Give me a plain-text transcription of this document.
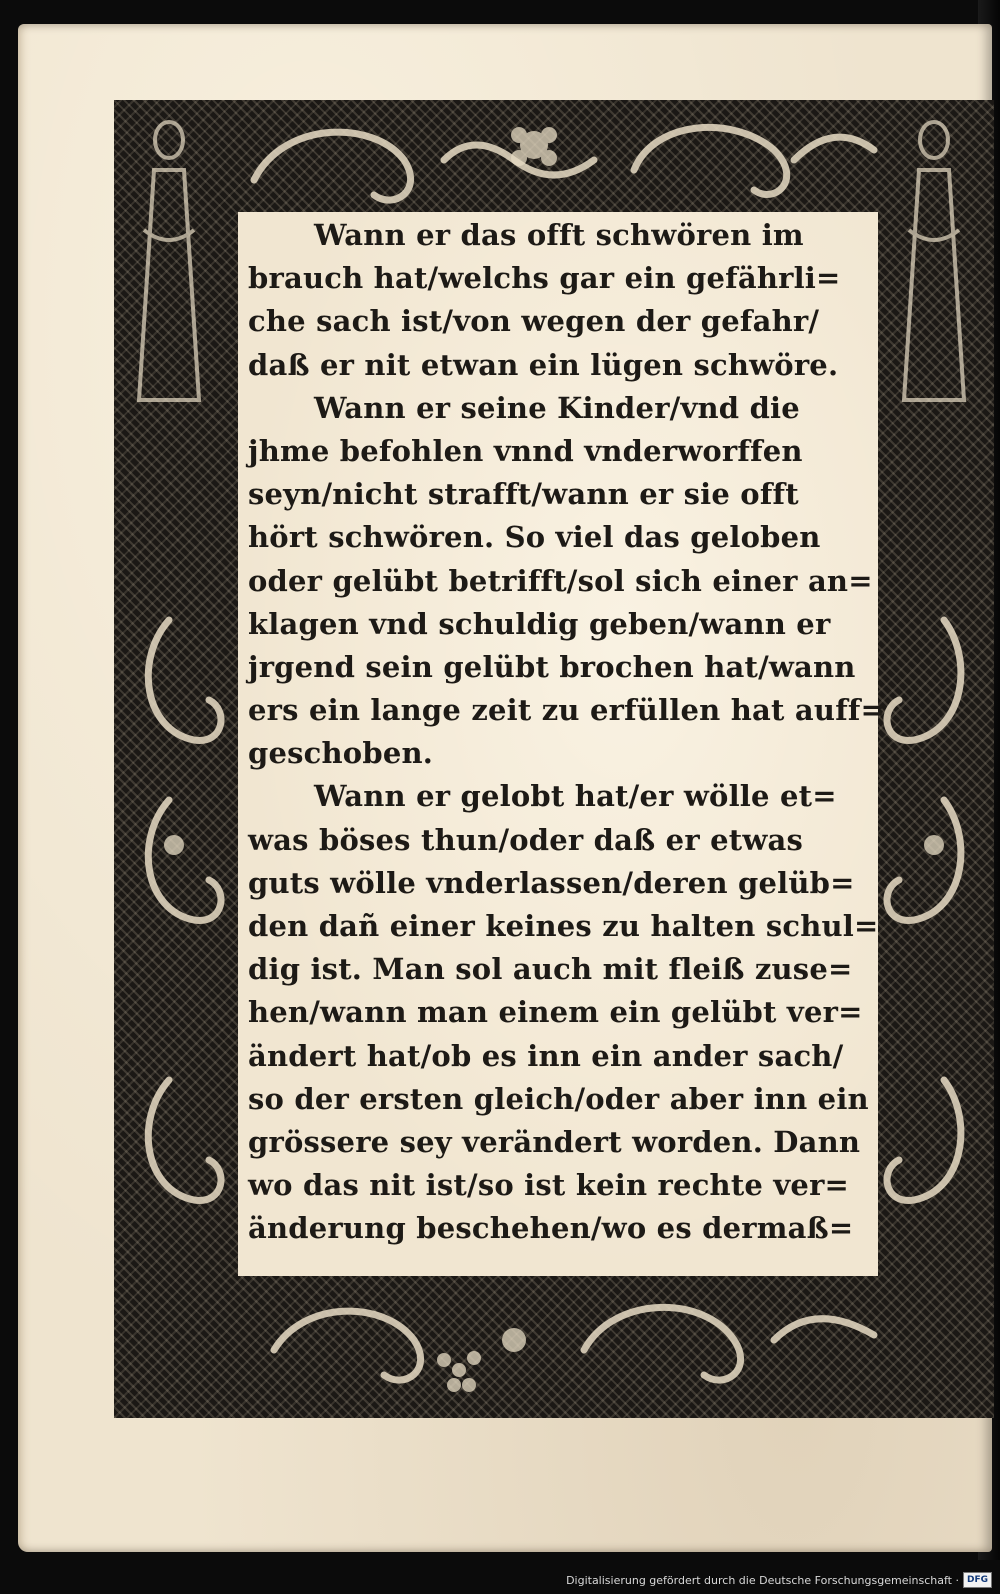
Wann er das offt schwören im
brauch hat/welchs gar ein gefährli=
che sach ist/von wegen der gefahr/
daß er nit etwan ein lügen schwöre.
Wann er seine Kinder/vnd die
jhme befohlen vnnd vnderworffen
seyn/nicht strafft/wann er sie offt
hört schwören. So viel das geloben
oder gelübt betrifft/sol sich einer an=
klagen vnd schuldig geben/wann er
jrgend sein gelübt brochen hat/wann
ers ein lange zeit zu erfüllen hat auff=
geschoben.
Wann er gelobt hat/er wölle et=
was böses thun/oder daß er etwas
guts wölle vnderlassen/deren gelüb=
den dañ einer keines zu halten schul=
dig ist. Man sol auch mit fleiß zuse=
hen/wann man einem ein gelübt ver=
ändert hat/ob es inn ein ander sach/
so der ersten gleich/oder aber inn ein
grössere sey verändert worden. Dann
wo das nit ist/so ist kein rechte ver=
änderung beschehen/wo es dermaß=
Digitalisierung gefördert durch die Deutsche Forschungsgemeinschaft · DFG
